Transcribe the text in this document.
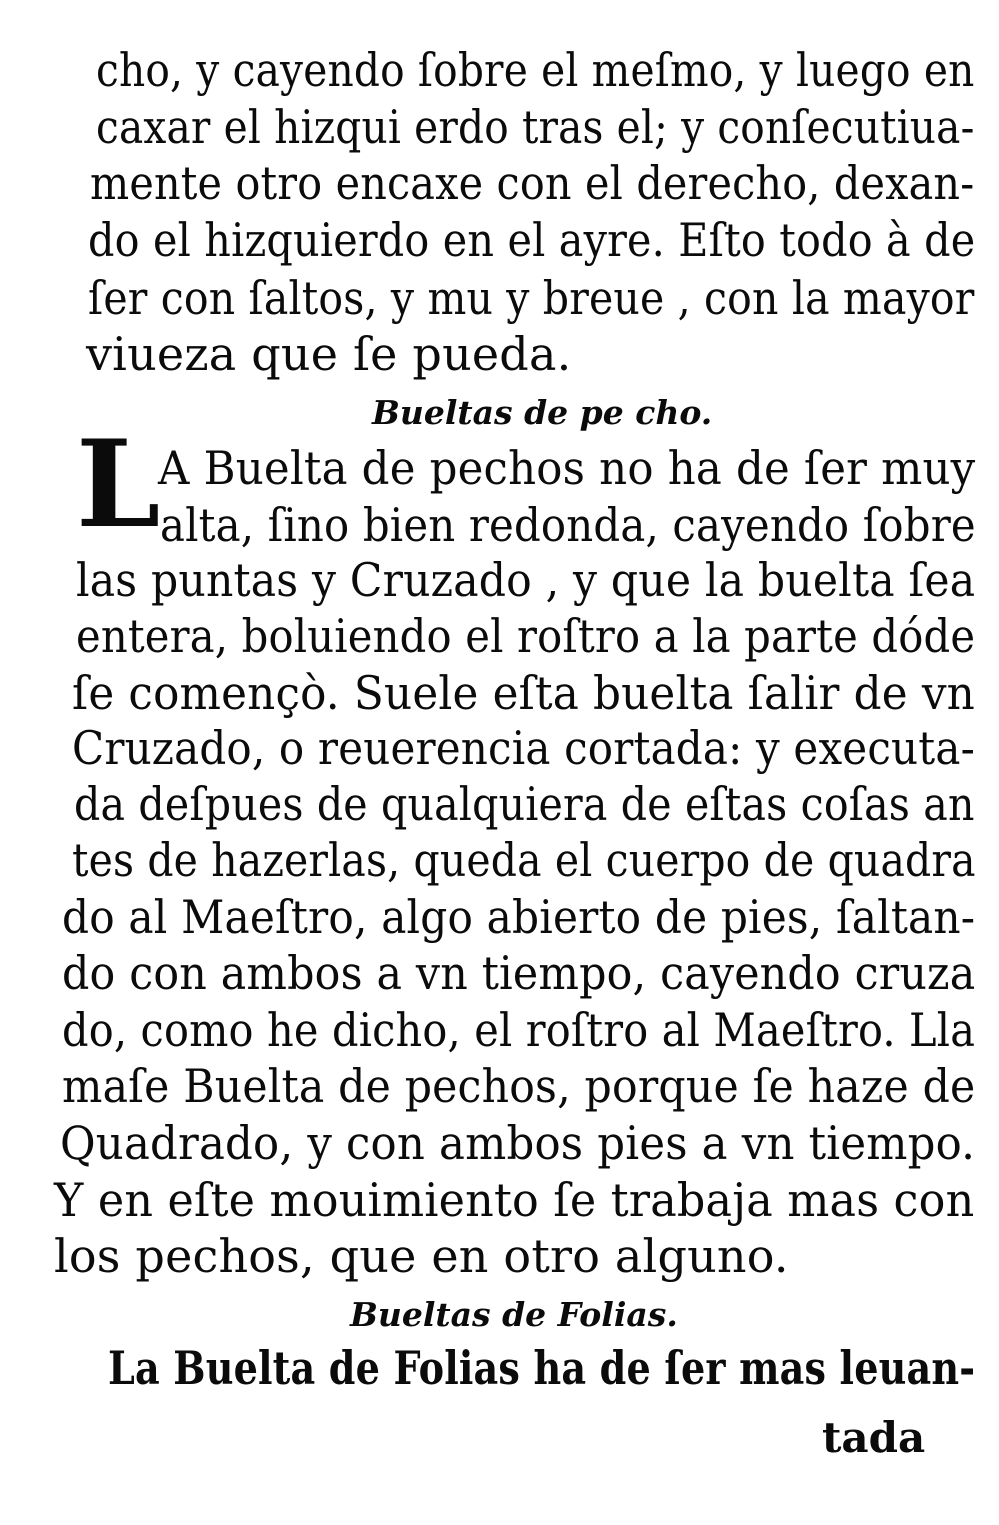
cho, y cayendo ſobre el meſmo, y luego en
caxar el hizqui erdo tras el; y conſecutiua-
mente otro encaxe con el derecho, dexan-
do el hizquierdo en el ayre. Eſto todo à de
ſer con ſaltos, y mu y breue , con la mayor
viueza que ſe pueda.
Bueltas de pe cho.
L
A Buelta de pechos no ha de ſer muy
alta, ſino bien redonda, cayendo ſobre
las puntas y Cruzado , y que la buelta ſea
entera, boluiendo el roſtro a la parte dóde
ſe començò. Suele eſta buelta ſalir de vn
Cruzado, o reuerencia cortada: y executa-
da deſpues de qualquiera de eſtas coſas an
tes de hazerlas, queda el cuerpo de quadra
do al Maeſtro, algo abierto de pies, ſaltan-
do con ambos a vn tiempo, cayendo cruza
do, como he dicho, el roſtro al Maeſtro. Lla
maſe Buelta de pechos, porque ſe haze de
Quadrado, y con ambos pies a vn tiempo.
Y en eſte mouimiento ſe trabaja mas con
los pechos, que en otro alguno.
Bueltas de Folias.
La Buelta de Folias ha de ſer mas leuan-
tada
